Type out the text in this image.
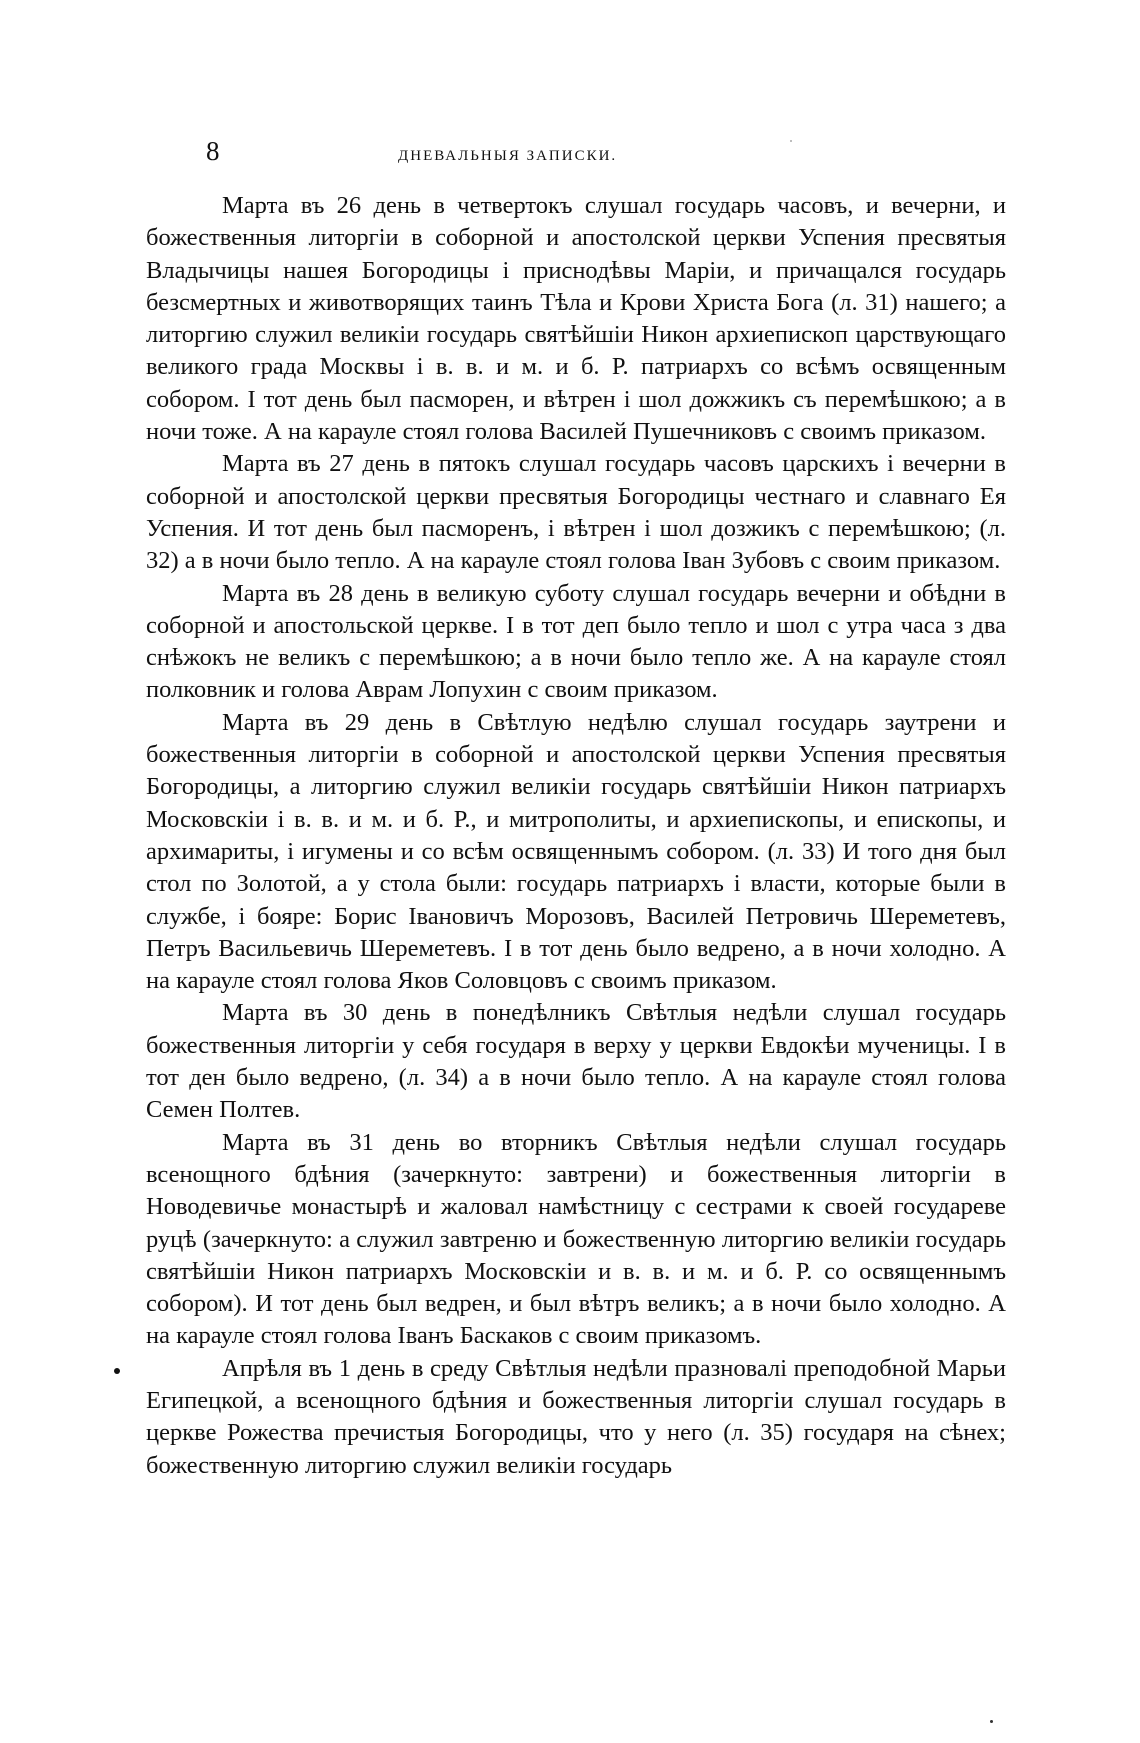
8	ДНЕВАЛЬНЫЯ ЗАПИСКИ.

Марта въ 26 день в четвертокъ слушал государь часовъ, и вечерни, и божественныя литоргiи в соборной и апостолской церкви Успения пресвятыя Владычицы нашея Богородицы i приснодѣвы Марiи, и причащался государь безсмертных и животворящих таинъ Тѣла и Крови Христа Бога (л. 31) нашего; а литоргию служил великiи государь святѣйшiи Никон архиепископ царствующаго великого града Москвы i в. в. и м. и б. Р. патриархъ со всѣмъ освященным собором. I тот день был пасморен, и вѣтрен i шол дожжикъ съ перемѣшкою; а в ночи тоже. А на карауле стоял голова Василей Пушечниковъ с своимъ приказом.

Марта въ 27 день в пятокъ слушал государь часовъ царскихъ i вечерни в соборной и апостолской церкви пресвятыя Богородицы честнаго и славнаго Ея Успения. И тот день был пасморенъ, i вѣтрен i шол дозжикъ с перемѣшкою; (л. 32) а в ночи было тепло. А на карауле стоял голова Iван Зубовъ с своим приказом.

Марта въ 28 день в великую суботу слушал государь вечерни и обѣдни в соборной и апостольской церкве. I в тот деп было тепло и шол с утра часа з два снѣжокъ не великъ с перемѣшкою; а в ночи было тепло же. А на карауле стоял полковник и голова Аврам Лопухин с своим приказом.

Марта въ 29 день в Свѣтлую недѣлю слушал государь заутрени и божественныя литоргiи в соборной и апостолской церкви Успения пресвятыя Богородицы, а литоргию служил великiи государь святѣйшiи Никон патриархъ Московскiи i в. в. и м. и б. Р., и митрополиты, и архиепископы, и епископы, и архимариты, i игумены и со всѣм освященнымъ собором. (л. 33) И того дня был стол по Золотой, а у стола были: государь патриархъ i власти, которые были в службе, i бояре: Борис Iвановичъ Морозовъ, Василей Петровичь Шереметевъ, Петръ Васильевичь Шереметевъ. I в тот день было ведрено, а в ночи холодно. А на карауле стоял голова Яков Соловцовъ с своимъ приказом.

Марта въ 30 день в понедѣлникъ Свѣтлыя недѣли слушал государь божественныя литоргiи у себя государя в верху у церкви Евдокѣи мученицы. I в тот ден было ведрено, (л. 34) а в ночи было тепло. А на карауле стоял голова Семен Полтев.

Марта въ 31 день во вторникъ Свѣтлыя недѣли слушал государь всенощного бдѣния (зачеркнуто: завтрени) и божественныя литоргiи в Новодевичье монастырѣ и жаловал намѣстницу с сестрами к своей государеве руцѣ (зачеркнуто: а служил завтреню и божественную литоргию великiи государь святѣйшiи Никон патриархъ Московскiи и в. в. и м. и б. Р. со освященнымъ собором). И тот день был ведрен, и был вѣтръ великъ; а в ночи было холодно. А на карауле стоял голова Iванъ Баскаков с своим приказомъ.

Апрѣля въ 1 день в среду Свѣтлыя недѣли празновалi преподобной Марьи Египецкой, а всенощного бдѣния и божественныя литоргiи слушал государь в церкве Рожества пречистыя Богородицы, что у него (л. 35) государя на сѣнех; божественную литоргию служил великiи государь
